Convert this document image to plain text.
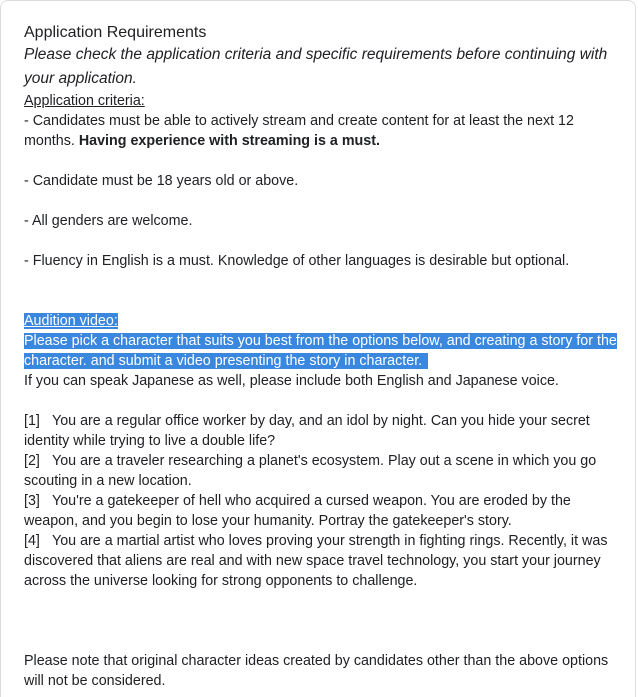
Application Requirements

Please check the application criteria and specific requirements before continuing with your application.

Application criteria:

- Candidates must be able to actively stream and create content for at least the next 12 months. Having experience with streaming is a must.

- Candidate must be 18 years old or above.

- All genders are welcome.

- Fluency in English is a must. Knowledge of other languages is desirable but optional.

Audition video:

Please pick a character that suits you best from the options below, and creating a story for the character. and submit a video presenting the story in character.

If you can speak Japanese as well, please include both English and Japanese voice.

[1] You are a regular office worker by day, and an idol by night. Can you hide your secret identity while trying to live a double life?

[2] You are a traveler researching a planet's ecosystem. Play out a scene in which you go scouting in a new location.

[3] You're a gatekeeper of hell who acquired a cursed weapon. You are eroded by the weapon, and you begin to lose your humanity. Portray the gatekeeper's story.

[4] You are a martial artist who loves proving your strength in fighting rings. Recently, it was discovered that aliens are real and with new space travel technology, you start your journey across the universe looking for strong opponents to challenge.

Please note that original character ideas created by candidates other than the above options will not be considered.
